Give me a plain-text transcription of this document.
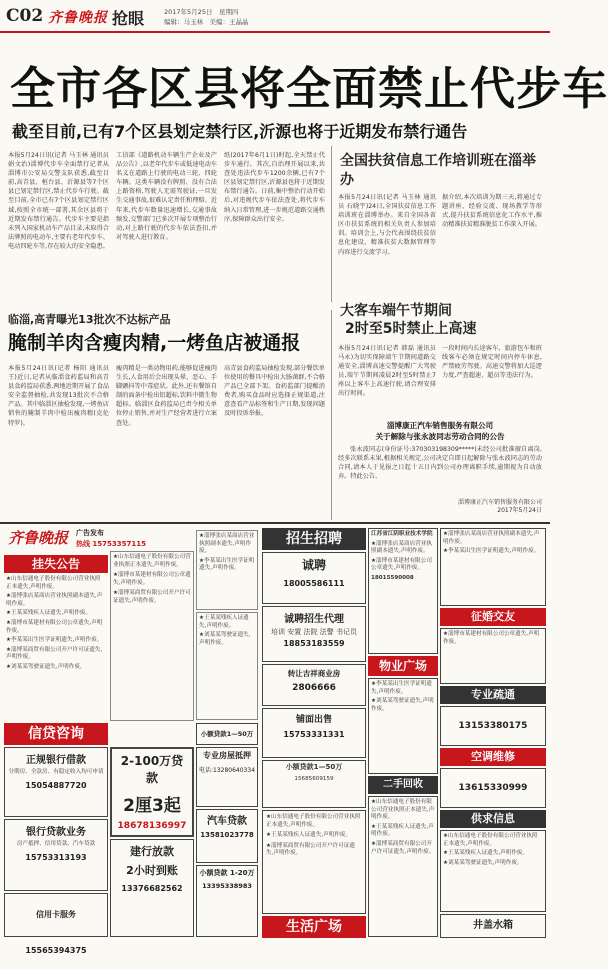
C02 齐鲁晚报 抢眼	2017年5月25日　星期四
编辑：马玉林　美编：王晶晶
全市各区县将全面禁止代步车
截至目前,已有7个区县划定禁行区,沂源也将于近期发布禁行通告
本报5月24日讯(记者 马玉林 通讯员 娟文治)淄博代步车全面禁行记者从淄博市公安局交警支队获悉,截至目前,高青县、桓台县、沂源县等7个区县已划定禁行区,禁止代步车行驶。截至目前,全市已有7个区县划定禁行区域,按照全市统一部署,其余区县将于近期发布禁行通告。代步车主要是指未列入国家机动车产品目录,未取得合法牌照的电动车,主要有老年代步车、电动四轮车等,存在较大的安全隐患。
工信部《道路机动车辆生产企业及产品公告》,以老年代步车或低速电动车名义在道路上行驶的电动三轮、四轮车辆。这类车辆没有牌照、没有合法上路资格,驾驶人无需驾驶证,一旦发生交通事故,很难认定责任和理赔。近年来,代步车数量迅速增长,交通事故频发,交警部门已多次开展专项整治行动,对上路行驶的代步车依法查扣,并对驾驶人进行教育。
纸(2017年6月1日)时起,全天禁止代步车通行。其次,自治理开展以来,共查处违法代步车1200余辆,已有7个区县划定禁行区,沂源县也将于近期发布禁行通告。日前,集中整治行动开始后,对违规代步车依法查处,将代步车纳入日常管理,进一步规范道路交通秩序,保障群众出行安全。
全国扶贫信息工作培训班在淄举办
本报5月24日讯(记者 马玉林 通讯员 石晓宇)24日,全国扶贫信息工作培训班在淄博举办。来自全国各省区市扶贫系统的相关负责人参加培训。培训会上,与会代表围绕扶贫信息化建设、精准扶贫大数据管理等内容进行交流学习。
据介绍,本次培训为期三天,将通过专题讲座、经验交流、现场教学等形式,提升扶贫系统信息化工作水平,推动精准扶贫精准脱贫工作深入开展。
大客车端午节期间
2时至5时禁止上高速
本报5月24日讯(记者 韩磊 通讯员 马永)为切实保障端午节期间道路交通安全,淄博高速交警提醒广大驾驶员,端午节期间凌晨2时至5时禁止7座以上客车上高速行驶,请合理安排出行时间。
一段时间内长途客车、旅游包车和班线客车必须在规定时间内停车休息,严禁疲劳驾驶。高速交警将加大巡逻力度,严查超速、超员等违法行为。
淄博康正汽车销售服务有限公司
关于解除与张永波同志劳动合同的公告
张永波同志(身份证号:370303198309*****)未经公司批准擅自离岗,经多次联系未果,根据相关规定,公司决定自即日起解除与张永波同志的劳动合同,请本人于见报之日起十五日内到公司办理离职手续,逾期视为自动放弃。特此公告。
淄博康正汽车销售服务有限公司
2017年5月24日
临淄,高青曝光13批次不达标产品
腌制羊肉含瘦肉精,一烤鱼店被通报
本报5月24日讯(记者 杨阳 通讯员 王)近日,记者从临淄食药监局和高青县食药监局获悉,两地近期开展了食品安全监督抽检,共发现13批次不合格产品。其中临淄区抽检发现,一烤鱼店销售的腌制羊肉中检出瘦肉精(克伦特罗)。
瘦肉精是一类动物用药,能够促进瘦肉生长,人食用后会出现头晕、恶心、手脚颤抖等中毒症状。此外,还有餐馆自制的面条中检出铝超标,饮料中微生物超标。临淄区食药监局已责令相关单位停止销售,并对生产经营者进行立案查处。
高青县食药监局抽检发现,部分餐饮单位使用的餐具中检出大肠菌群,不合格产品已全部下架。食药监部门提醒消费者,购买食品时应选择正规渠道,注意查看产品标签和生产日期,发现问题及时投诉举报。
齐鲁晚报 广告发布
热线 15753357115
挂失公告
★山东信通电子股份有限公司营业执照正本遗失,声明作废。
★淄博张店某商店营业执照副本遗失,声明作废。
★王某某残疾人证遗失,声明作废。
★淄博市某建材有限公司公章遗失,声明作废。
★李某某出生医学证明遗失,声明作废。
★淄博某商贸有限公司开户许可证遗失,声明作废。
★刘某某驾驶证遗失,声明作废。
★山东信通电子股份有限公司营业执照正本遗失,声明作废。
★淄博市某建材有限公司公章遗失,声明作废。
★淄博某商贸有限公司开户许可证遗失,声明作废。
★淄博张店某商店营业执照副本遗失,声明作废。
★李某某出生医学证明遗失,声明作废。
★王某某残疾人证遗失,声明作废。
★刘某某驾驶证遗失,声明作废。
信贷咨询
正规银行借款
分期房、全款房、有稳定收入均可申请
15054887720
银行贷款业务
房产抵押、信用贷款、汽车贷款
15753313193
信用卡服务15565394375
2-100万贷款
2厘3起
18678136997
建行放款
2小时到账
13376682562
小额贷款1—50万
专业房屋抵押
电话:13280640334
汽车贷款
13581023778
小额贷款 1-20万
13395338983
招生招聘
诚聘
18005586111
诚聘招生代理
培训 安置 法院 法警 书记员
18853183559
转让吉祥商业房
2806666
铺面出售
15753331331
小额贷款1—50万
15685609159
★山东信通电子股份有限公司营业执照正本遗失,声明作废。
★王某某残疾人证遗失,声明作废。
★淄博某商贸有限公司开户许可证遗失,声明作废。
生活广场
物业广场
江苏省江阴职业技术学院
★淄博张店某商店营业执照副本遗失,声明作废。
★淄博市某建材有限公司公章遗失,声明作废。
18015590008
★李某某出生医学证明遗失,声明作废。
★刘某某驾驶证遗失,声明作废。
二手回收
★山东信通电子股份有限公司营业执照正本遗失,声明作废。
★王某某残疾人证遗失,声明作废。
★淄博某商贸有限公司开户许可证遗失,声明作废。
★淄博张店某商店营业执照副本遗失,声明作废。
★李某某出生医学证明遗失,声明作废。
征婚交友
★淄博市某建材有限公司公章遗失,声明作废。
专业疏通
13153380175
空调维修
13615330999
供求信息
★山东信通电子股份有限公司营业执照正本遗失,声明作废。
★王某某残疾人证遗失,声明作废。
★刘某某驾驶证遗失,声明作废。
井盖水箱
